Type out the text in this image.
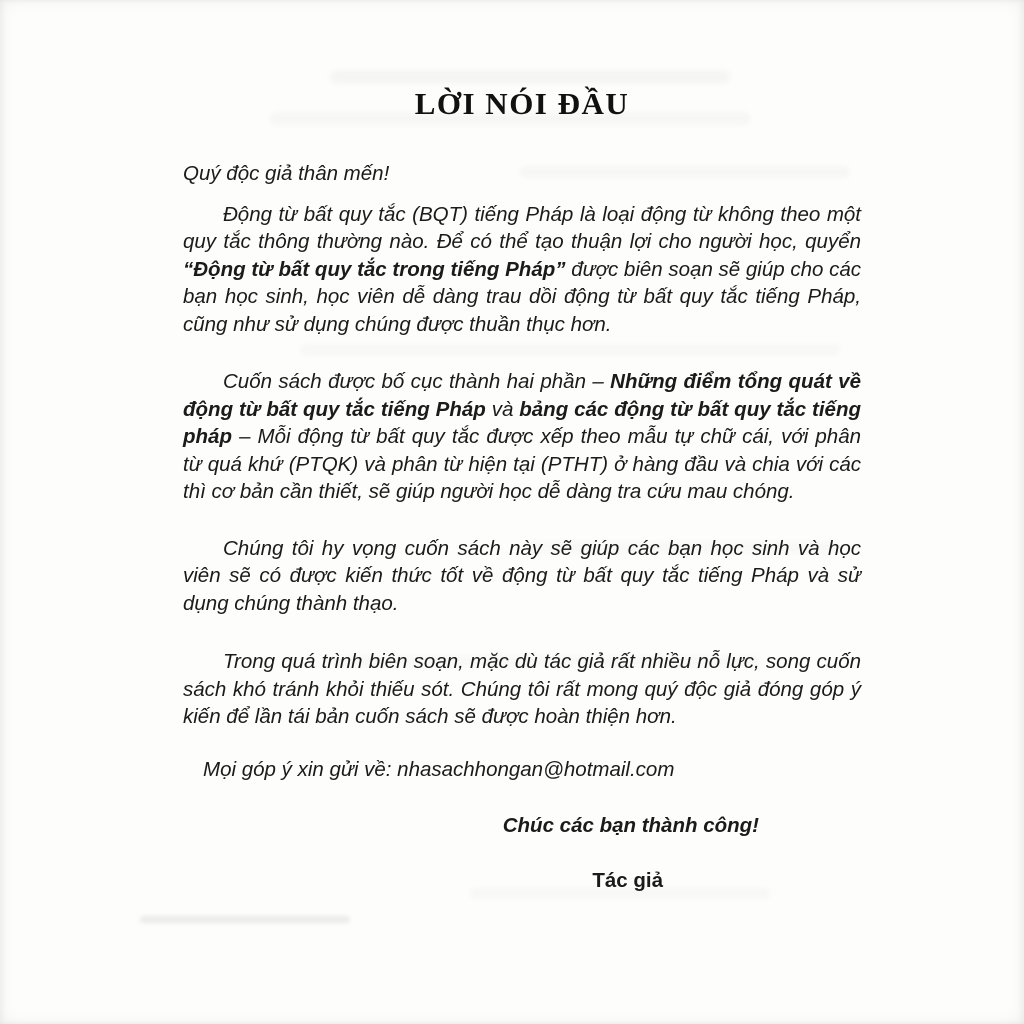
LỜI NÓI ĐẦU

Quý độc giả thân mến!

Động từ bất quy tắc (BQT) tiếng Pháp là loại động từ không theo một quy tắc thông thường nào. Để có thể tạo thuận lợi cho người học, quyển “Động từ bất quy tắc trong tiếng Pháp” được biên soạn sẽ giúp cho các bạn học sinh, học viên dễ dàng trau dồi động từ bất quy tắc tiếng Pháp, cũng như sử dụng chúng được thuần thục hơn.

Cuốn sách được bố cục thành hai phần – Những điểm tổng quát về động từ bất quy tắc tiếng Pháp và bảng các động từ bất quy tắc tiếng pháp – Mỗi động từ bất quy tắc được xếp theo mẫu tự chữ cái, với phân từ quá khứ (PTQK) và phân từ hiện tại (PTHT) ở hàng đầu và chia với các thì cơ bản cần thiết, sẽ giúp người học dễ dàng tra cứu mau chóng.

Chúng tôi hy vọng cuốn sách này sẽ giúp các bạn học sinh và học viên sẽ có được kiến thức tốt về động từ bất quy tắc tiếng Pháp và sử dụng chúng thành thạo.

Trong quá trình biên soạn, mặc dù tác giả rất nhiều nỗ lực, song cuốn sách khó tránh khỏi thiếu sót. Chúng tôi rất mong quý độc giả đóng góp ý kiến để lần tái bản cuốn sách sẽ được hoàn thiện hơn.

Mọi góp ý xin gửi về: nhasachhongan@hotmail.com

Chúc các bạn thành công!

Tác giả
